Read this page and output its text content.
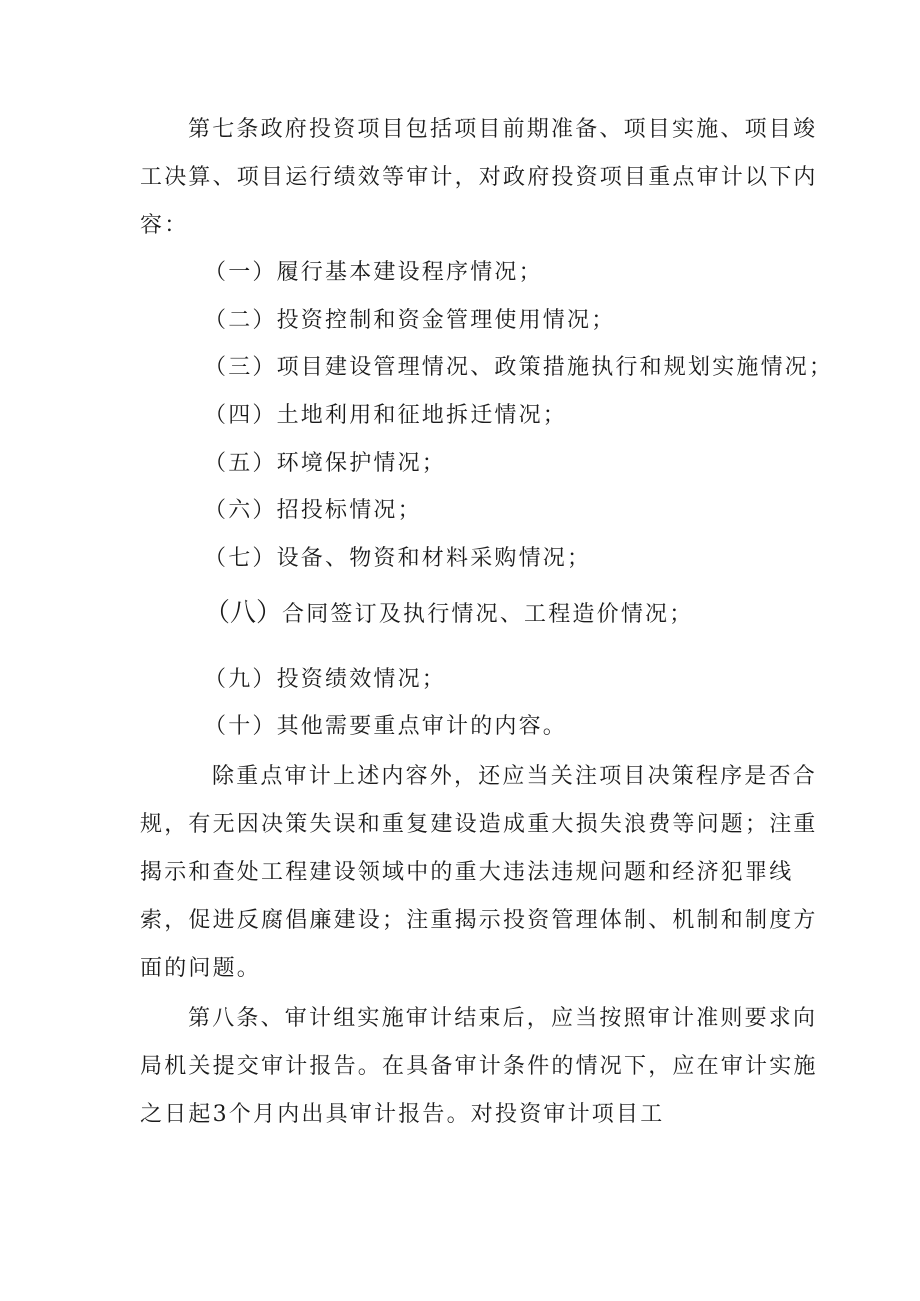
第七条政府投资项目包括项目前期准备、项目实施、项目竣
工决算、项目运行绩效等审计，对政府投资项目重点审计以下内
容：
（一）履行基本建设程序情况；
（二）投资控制和资金管理使用情况；
（三）项目建设管理情况、政策措施执行和规划实施情况；
（四）土地利用和征地拆迁情况；
（五）环境保护情况；
（六）招投标情况；
（七）设备、物资和材料采购情况；
（八）合同签订及执行情况、工程造价情况；
（九）投资绩效情况；
（十）其他需要重点审计的内容。
除重点审计上述内容外，还应当关注项目决策程序是否合
规，有无因决策失误和重复建设造成重大损失浪费等问题；注重
揭示和查处工程建设领域中的重大违法违规问题和经济犯罪线
索，促进反腐倡廉建设；注重揭示投资管理体制、机制和制度方
面的问题。
第八条、审计组实施审计结束后，应当按照审计准则要求向
局机关提交审计报告。在具备审计条件的情况下，应在审计实施
之日起3个月内出具审计报告。对投资审计项目工
